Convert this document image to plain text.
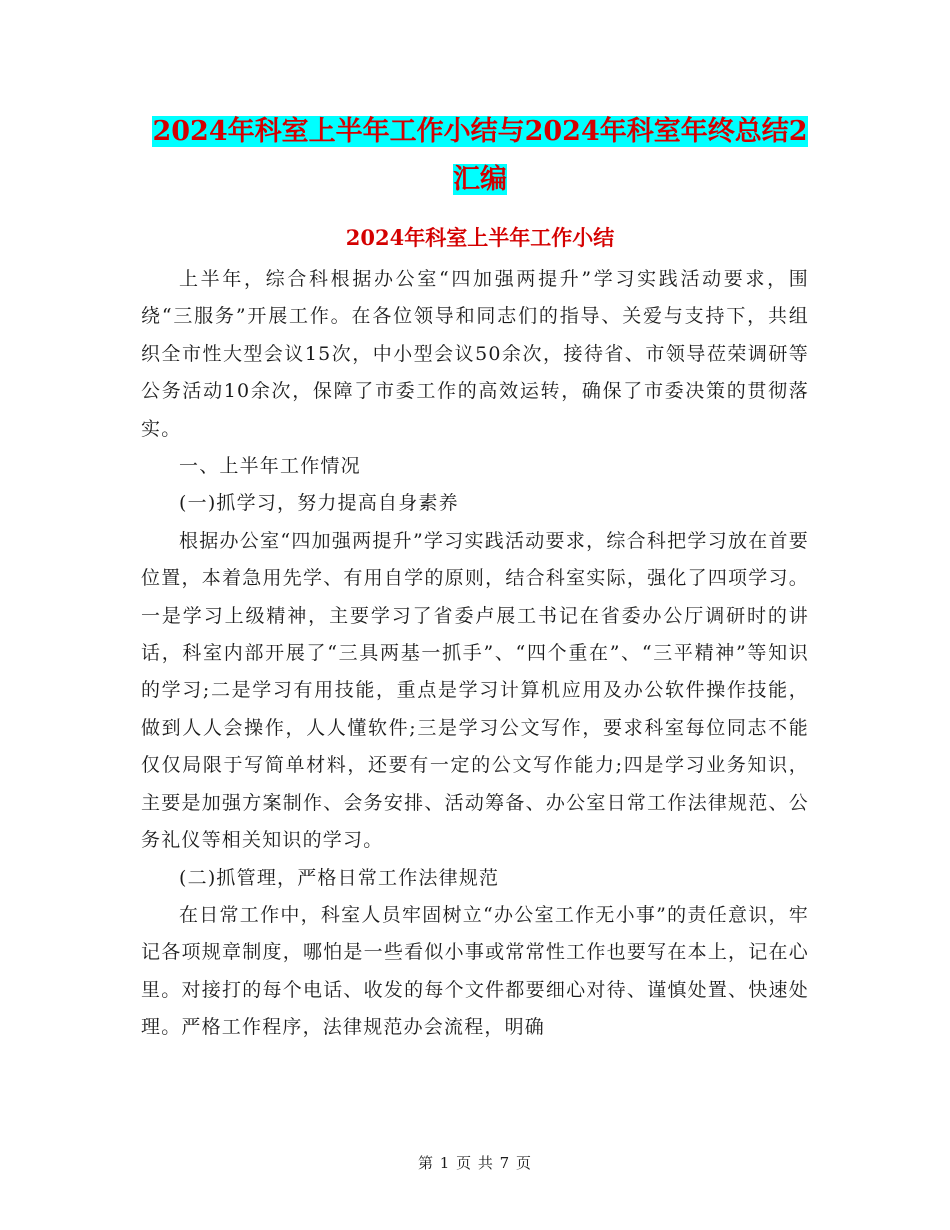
2024年科室上半年工作小结与2024年科室年终总结2汇编
2024年科室上半年工作小结

上半年，综合科根据办公室“四加强两提升”学习实践活动要求，围绕“三服务”开展工作。在各位领导和同志们的指导、关爱与支持下，共组织全市性大型会议15次，中小型会议50余次，接待省、市领导莅荣调研等公务活动10余次，保障了市委工作的高效运转，确保了市委决策的贯彻落实。

一、上半年工作情况

(一)抓学习，努力提高自身素养

根据办公室“四加强两提升”学习实践活动要求，综合科把学习放在首要位置，本着急用先学、有用自学的原则，结合科室实际，强化了四项学习。一是学习上级精神，主要学习了省委卢展工书记在省委办公厅调研时的讲话，科室内部开展了“三具两基一抓手”、“四个重在”、“三平精神”等知识的学习;二是学习有用技能，重点是学习计算机应用及办公软件操作技能，做到人人会操作，人人懂软件;三是学习公文写作，要求科室每位同志不能仅仅局限于写简单材料，还要有一定的公文写作能力;四是学习业务知识，主要是加强方案制作、会务安排、活动筹备、办公室日常工作法律规范、公务礼仪等相关知识的学习。

(二)抓管理，严格日常工作法律规范

在日常工作中，科室人员牢固树立“办公室工作无小事”的责任意识，牢记各项规章制度，哪怕是一些看似小事或常常性工作也要写在本上，记在心里。对接打的每个电话、收发的每个文件都要细心对待、谨慎处置、快速处理。严格工作程序，法律规范办会流程，明确

第 1 页 共 7 页
